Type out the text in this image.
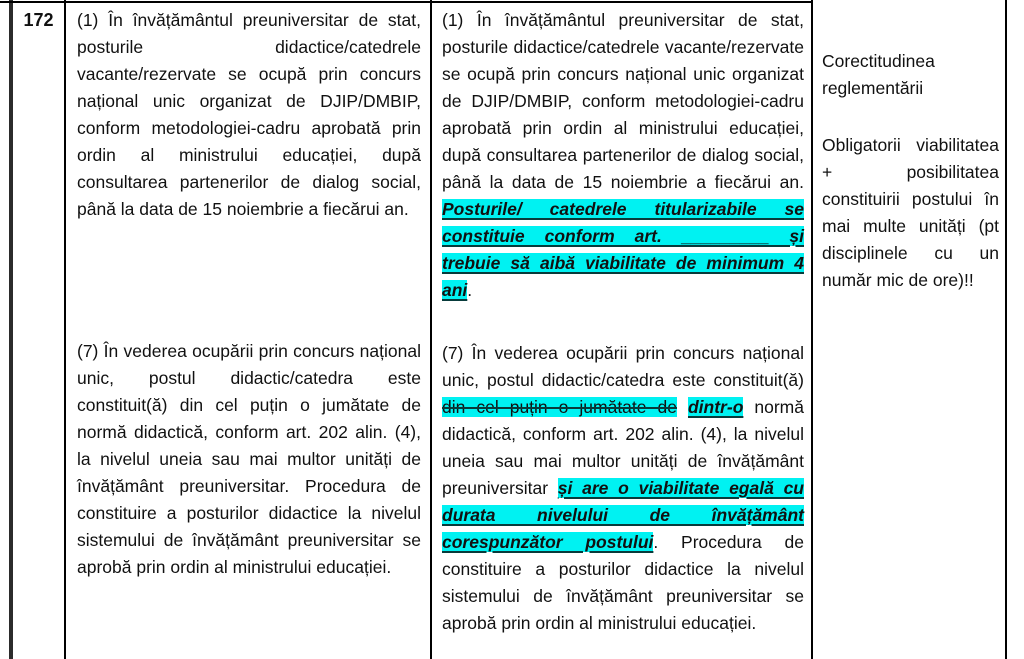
172	(1) În învățământul preuniversitar de stat, posturile didactice/catedrele vacante/rezervate se ocupă prin concurs național unic organizat de DJIP/DMBIP, conform metodologiei-cadru aprobată prin ordin al ministrului educației, după consultarea partenerilor de dialog social, până la data de 15 noiembrie a fiecărui an.
(7) În vederea ocupării prin concurs național unic, postul didactic/catedra este constituit(ă) din cel puțin o jumătate de normă didactică, conform art. 202 alin. (4), la nivelul uneia sau mai multor unități de învățământ preuniversitar. Procedura de constituire a posturilor didactice la nivelul sistemului de învățământ preuniversitar se aprobă prin ordin al ministrului educației.
(1) În învățământul preuniversitar de stat, posturile didactice/catedrele vacante/rezervate se ocupă prin concurs național unic organizat de DJIP/DMBIP, conform metodologiei-cadru aprobată prin ordin al ministrului educației, după consultarea partenerilor de dialog social, până la data de 15 noiembrie a fiecărui an. Posturile/ catedrele titularizabile se constituie conform art. _________ și trebuie să aibă viabilitate de minimum 4 ani.
(7) În vederea ocupării prin concurs național unic, postul didactic/catedra este constituit(ă) din cel puțin o jumătate de dintr-o normă didactică, conform art. 202 alin. (4), la nivelul uneia sau mai multor unități de învățământ preuniversitar și are o viabilitate egală cu durata nivelului de învățământ corespunzător postului. Procedura de constituire a posturilor didactice la nivelul sistemului de învățământ preuniversitar se aprobă prin ordin al ministrului educației.
Corectitudinea reglementării
Obligatorii viabilitatea + posibilitatea constituirii postului în mai multe unități (pt disciplinele cu un număr mic de ore)!!
